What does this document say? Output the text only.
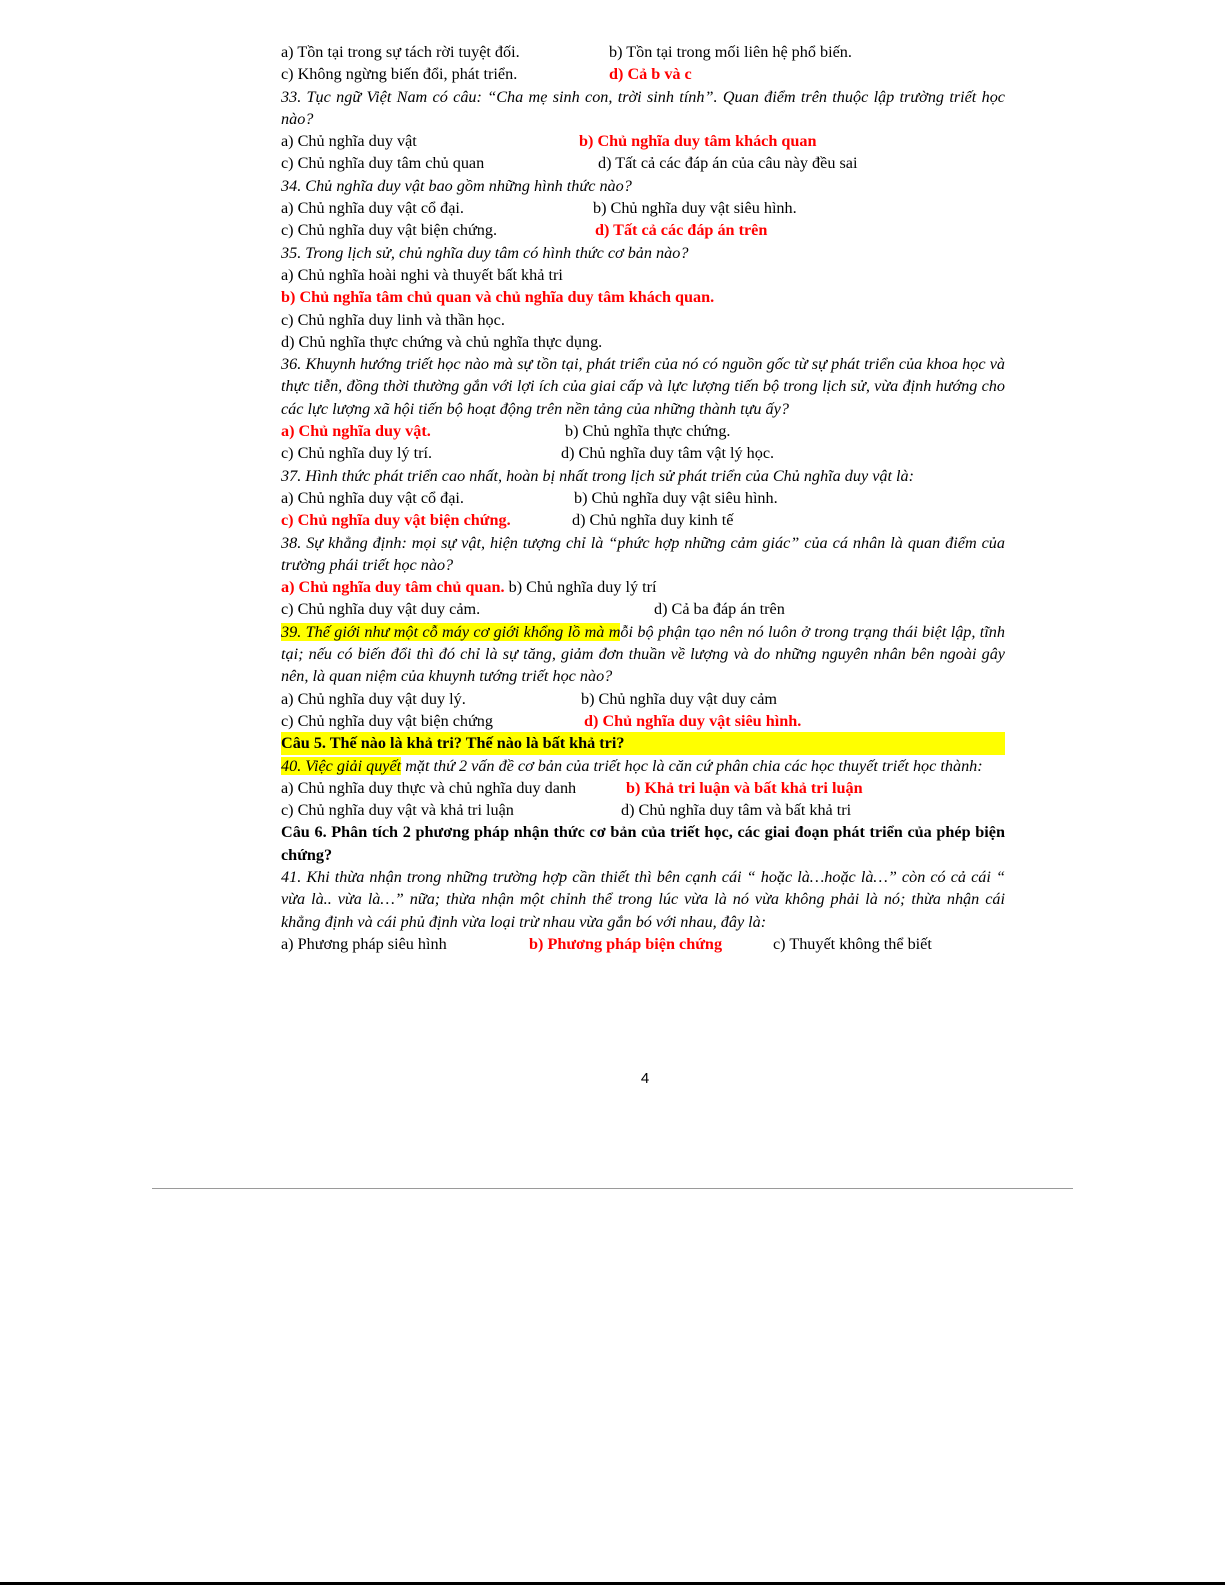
a) Tồn tại trong sự tách rời tuyệt đối.	b) Tồn tại trong mối liên hệ phổ biến.
c) Không ngừng biến đổi, phát triển.	d) Cả b và c
33. Tục ngữ Việt Nam có câu: “Cha mẹ sinh con, trời sinh tính”. Quan điểm trên thuộc lập trường triết học nào?
a) Chủ nghĩa duy vật	b) Chủ nghĩa duy tâm khách quan
c) Chủ nghĩa duy tâm chủ quan	d) Tất cả các đáp án của câu này đều sai
34. Chủ nghĩa duy vật bao gồm những hình thức nào?
a) Chủ nghĩa duy vật cổ đại.	b) Chủ nghĩa duy vật siêu hình.
c) Chủ nghĩa duy vật biện chứng.	d) Tất cả các đáp án trên
35. Trong lịch sử, chủ nghĩa duy tâm có hình thức cơ bản nào?
a) Chủ nghĩa hoài nghi và thuyết bất khả tri
b) Chủ nghĩa tâm chủ quan và chủ nghĩa duy tâm khách quan.
c) Chủ nghĩa duy linh và thần học.
d) Chủ nghĩa thực chứng và chủ nghĩa thực dụng.
36. Khuynh hướng triết học nào mà sự tồn tại, phát triển của nó có nguồn gốc từ sự phát triển của khoa học và thực tiễn, đồng thời thường gắn với lợi ích của giai cấp và lực lượng tiến bộ trong lịch sử, vừa định hướng cho các lực lượng xã hội tiến bộ hoạt động trên nền tảng của những thành tựu ấy?
a) Chủ nghĩa duy vật.	b) Chủ nghĩa thực chứng.
c) Chủ nghĩa duy lý trí.	d) Chủ nghĩa duy tâm vật lý học.
37. Hình thức phát triển cao nhất, hoàn bị nhất trong lịch sử phát triển của Chủ nghĩa duy vật là:
a) Chủ nghĩa duy vật cổ đại.	b) Chủ nghĩa duy vật siêu hình.
c) Chủ nghĩa duy vật biện chứng.	d) Chủ nghĩa duy kinh tế
38. Sự khẳng định: mọi sự vật, hiện tượng chỉ là “phức hợp những cảm giác” của cá nhân là quan điểm của trường phái triết học nào?
a) Chủ nghĩa duy tâm chủ quan. b) Chủ nghĩa duy lý trí
c) Chủ nghĩa duy vật duy cảm.	d) Cả ba đáp án trên
39. Thế giới như một cỗ máy cơ giới khổng lồ mà mỗi bộ phận tạo nên nó luôn ở trong trạng thái biệt lập, tĩnh tại; nếu có biến đổi thì đó chỉ là sự tăng, giảm đơn thuần về lượng và do những nguyên nhân bên ngoài gây nên, là quan niệm của khuynh tướng triết học nào?
a) Chủ nghĩa duy vật duy lý.	b) Chủ nghĩa duy vật duy cảm
c) Chủ nghĩa duy vật biện chứng	d) Chủ nghĩa duy vật siêu hình.
Câu 5. Thế nào là khả tri? Thế nào là bất khả tri?
40. Việc giải quyết mặt thứ 2 vấn đề cơ bản của triết học là căn cứ phân chia các học thuyết triết học thành:
a) Chủ nghĩa duy thực và chủ nghĩa duy danh	b) Khả tri luận và bất khả tri luận
c) Chủ nghĩa duy vật và khả tri luận	d) Chủ nghĩa duy tâm và bất khả tri
Câu 6. Phân tích 2 phương pháp nhận thức cơ bản của triết học, các giai đoạn phát triển của phép biện chứng?
41. Khi thừa nhận trong những trường hợp cần thiết thì bên cạnh cái “ hoặc là…hoặc là…” còn có cả cái “ vừa là.. vừa là…” nữa; thừa nhận một chỉnh thể trong lúc vừa là nó vừa không phải là nó; thừa nhận cái khẳng định và cái phủ định vừa loại trừ nhau vừa gắn bó với nhau, đây là:
a) Phương pháp siêu hình	b) Phương pháp biện chứng	c) Thuyết không thể biết
4
